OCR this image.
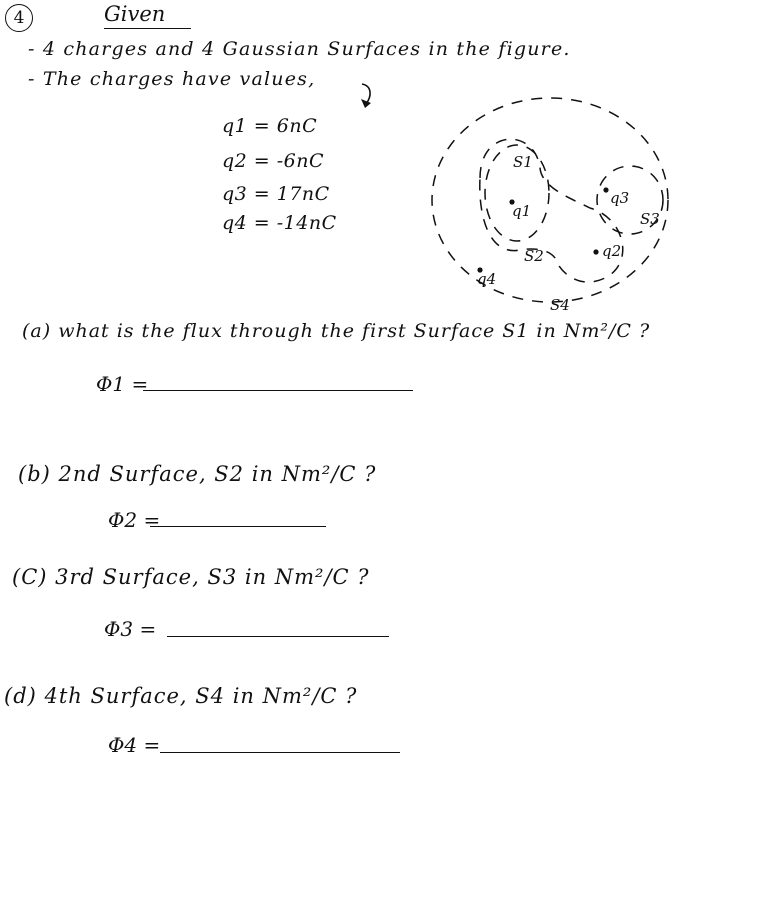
4	Given
- 4 charges and 4 Gaussian Surfaces in the figure.
- The charges have values,
q1 = 6nC
q2 = -6nC
q3 = 17nC
q4 = -14nC
S1
S2
S3
S4
q1
q2
q3
q4
(a) what is the flux through the first Surface S1 in Nm²/C ?
Φ1 =
(b) 2nd Surface, S2 in Nm²/C ?
Φ2 =
(C) 3rd Surface, S3 in Nm²/C ?
Φ3 =
(d) 4th Surface, S4 in Nm²/C ?
Φ4 =
